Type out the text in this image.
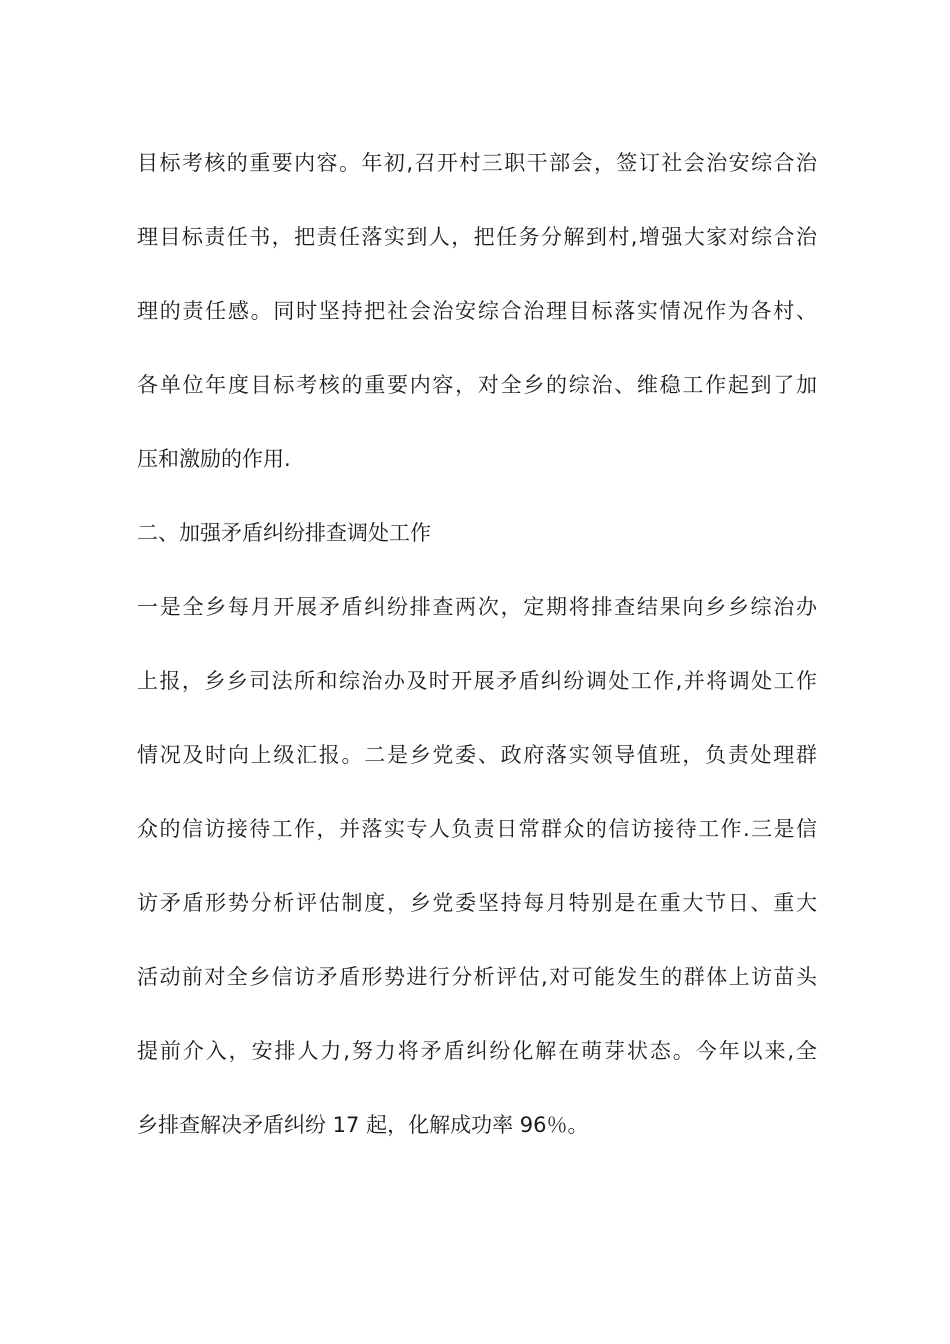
目标考核的重要内容。年初,召开村三职干部会，签订社会治安综合治
理目标责任书，把责任落实到人，把任务分解到村,增强大家对综合治
理的责任感。同时坚持把社会治安综合治理目标落实情况作为各村、
各单位年度目标考核的重要内容，对全乡的综治、维稳工作起到了加
压和激励的作用.
二、加强矛盾纠纷排查调处工作
一是全乡每月开展矛盾纠纷排查两次，定期将排查结果向乡乡综治办
上报，乡乡司法所和综治办及时开展矛盾纠纷调处工作,并将调处工作
情况及时向上级汇报。二是乡党委、政府落实领导值班，负责处理群
众的信访接待工作，并落实专人负责日常群众的信访接待工作.三是信
访矛盾形势分析评估制度，乡党委坚持每月特别是在重大节日、重大
活动前对全乡信访矛盾形势进行分析评估,对可能发生的群体上访苗头
提前介入，安排人力,努力将矛盾纠纷化解在萌芽状态。今年以来,全
乡排查解决矛盾纠纷 17 起，化解成功率 96％。
